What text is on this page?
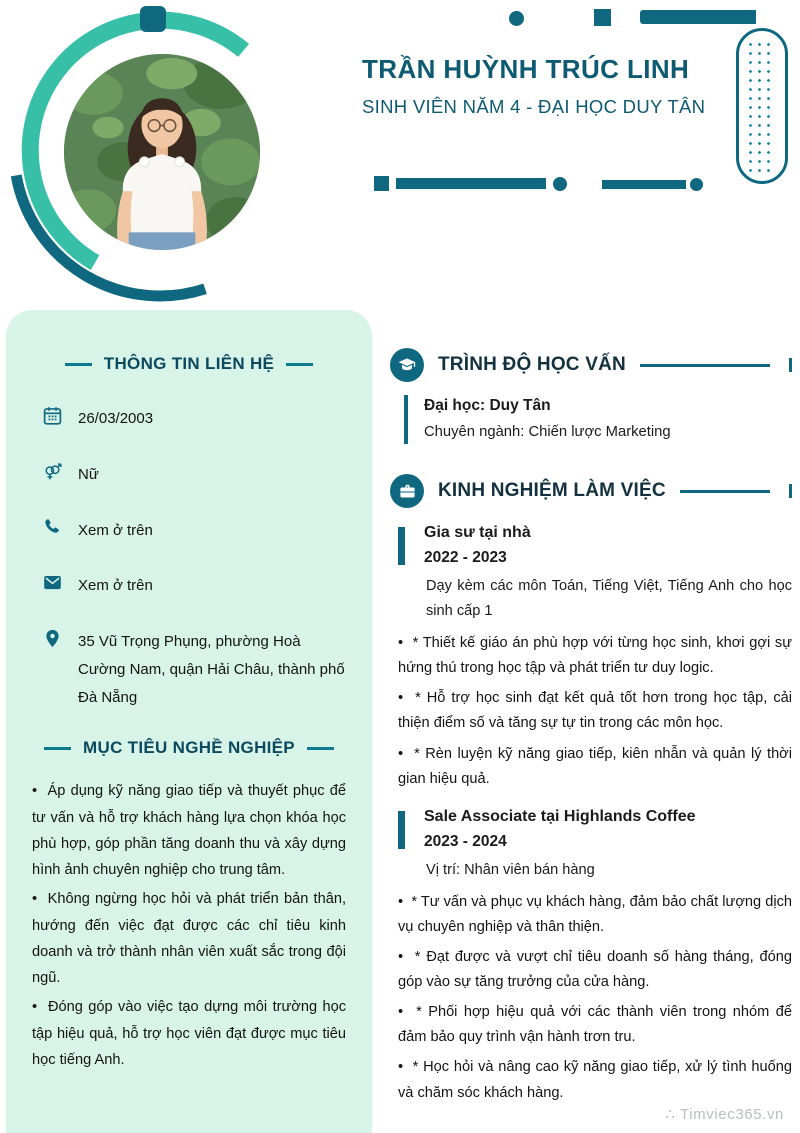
TRẦN HUỲNH TRÚC LINH
SINH VIÊN NĂM 4 - ĐẠI HỌC DUY TÂN
THÔNG TIN LIÊN HỆ
26/03/2003
Nữ
Xem ở trên
Xem ở trên
35 Vũ Trọng Phụng, phường Hoà Cường Nam, quận Hải Châu, thành phố Đà Nẵng
MỤC TIÊU NGHỀ NGHIỆP

•  Áp dụng kỹ năng giao tiếp và thuyết phục để tư vấn và hỗ trợ khách hàng lựa chọn khóa học phù hợp, góp phần tăng doanh thu và xây dựng hình ảnh chuyên nghiệp cho trung tâm.

•  Không ngừng học hỏi và phát triển bản thân, hướng đến việc đạt được các chỉ tiêu kinh doanh và trở thành nhân viên xuất sắc trong đội ngũ.

•  Đóng góp vào việc tạo dựng môi trường học tập hiệu quả, hỗ trợ học viên đạt được mục tiêu học tiếng Anh.

TRÌNH ĐỘ HỌC VẤN
Đại học: Duy Tân
Chuyên ngành: Chiến lược Marketing
KINH NGHIỆM LÀM VIỆC
Gia sư tại nhà
2022 - 2023
Dạy kèm các môn Toán, Tiếng Việt, Tiếng Anh cho học sinh cấp 1

•  * Thiết kế giáo án phù hợp với từng học sinh, khơi gợi sự hứng thú trong học tập và phát triển tư duy logic.

•  * Hỗ trợ học sinh đạt kết quả tốt hơn trong học tập, cải thiện điểm số và tăng sự tự tin trong các môn học.

•  * Rèn luyện kỹ năng giao tiếp, kiên nhẫn và quản lý thời gian hiệu quả.

Sale Associate tại Highlands Coffee
2023 - 2024
Vị trí: Nhân viên bán hàng

•  * Tư vấn và phục vụ khách hàng, đảm bảo chất lượng dịch vụ chuyên nghiệp và thân thiện.

•  * Đạt được và vượt chỉ tiêu doanh số hàng tháng, đóng góp vào sự tăng trưởng của cửa hàng.

•  * Phối hợp hiệu quả với các thành viên trong nhóm để đảm bảo quy trình vận hành trơn tru.

•  * Học hỏi và nâng cao kỹ năng giao tiếp, xử lý tình huống và chăm sóc khách hàng.

∴ Timviec365.vn
